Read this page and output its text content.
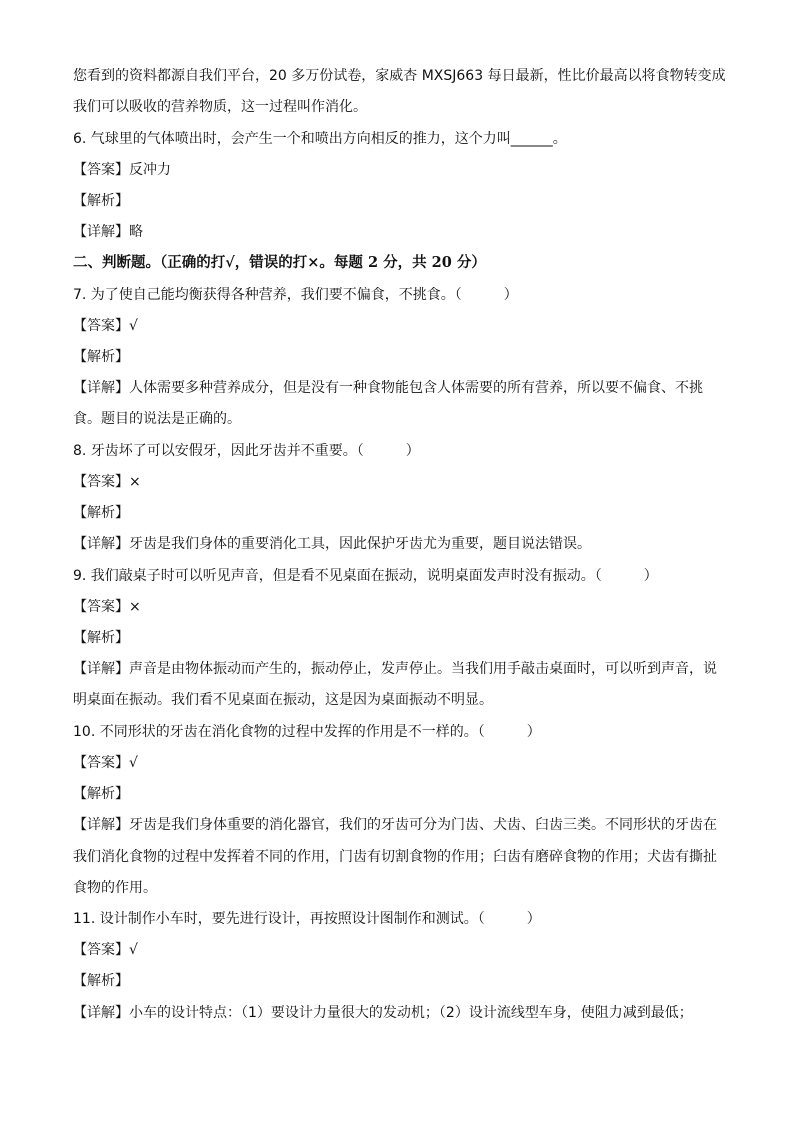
您看到的资料都源自我们平台，20 多万份试卷，家威杏 MXSJ663 每日最新，性比价最高以将食物转变成
我们可以吸收的营养物质，这一过程叫作消化。
6. 气球里的气体喷出时，会产生一个和喷出方向相反的推力，这个力叫______。
【答案】反冲力
【解析】
【详解】略
二、判断题。（正确的打√，错误的打×。每题 2 分，共 20 分）
7. 为了使自己能均衡获得各种营养，我们要不偏食，不挑食。（　　　）
【答案】√
【解析】
【详解】人体需要多种营养成分，但是没有一种食物能包含人体需要的所有营养，所以要不偏食、不挑
食。题目的说法是正确的。
8. 牙齿坏了可以安假牙，因此牙齿并不重要。（　　　）
【答案】×
【解析】
【详解】牙齿是我们身体的重要消化工具，因此保护牙齿尤为重要，题目说法错误。
9. 我们敲桌子时可以听见声音，但是看不见桌面在振动，说明桌面发声时没有振动。（　　　）
【答案】×
【解析】
【详解】声音是由物体振动而产生的，振动停止，发声停止。当我们用手敲击桌面时，可以听到声音，说
明桌面在振动。我们看不见桌面在振动，这是因为桌面振动不明显。
10. 不同形状的牙齿在消化食物的过程中发挥的作用是不一样的。（　　　）
【答案】√
【解析】
【详解】牙齿是我们身体重要的消化器官，我们的牙齿可分为门齿、犬齿、臼齿三类。不同形状的牙齿在
我们消化食物的过程中发挥着不同的作用，门齿有切割食物的作用；臼齿有磨碎食物的作用；犬齿有撕扯
食物的作用。
11. 设计制作小车时，要先进行设计，再按照设计图制作和测试。（　　　）
【答案】√
【解析】
【详解】小车的设计特点：（1）要设计力量很大的发动机；（2）设计流线型车身，使阻力减到最低；
